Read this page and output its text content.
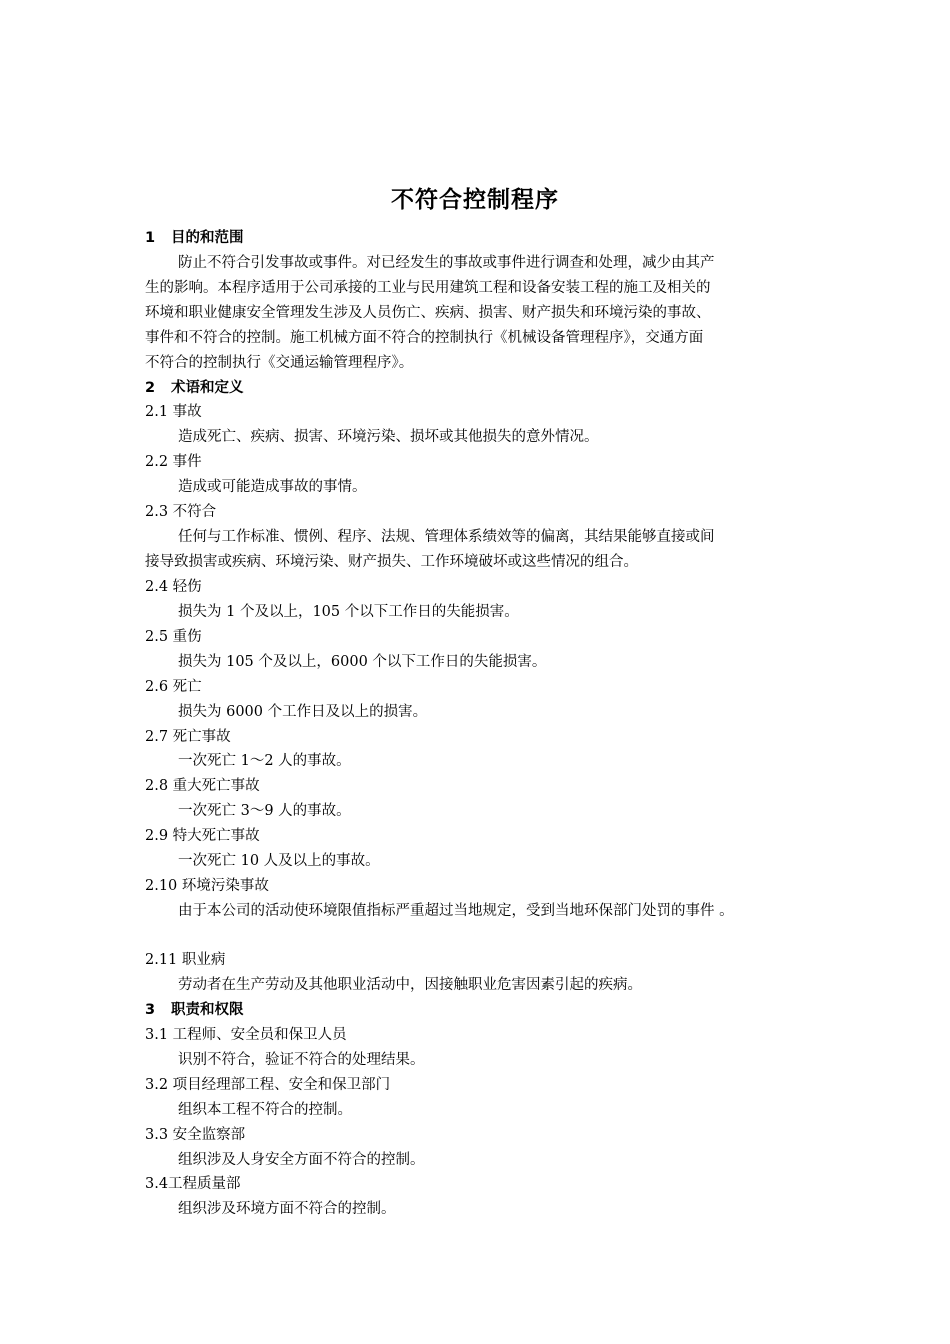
不符合控制程序
1 目的和范围
防止不符合引发事故或事件。对已经发生的事故或事件进行调查和处理，减少由其产
生的影响。本程序适用于公司承接的工业与民用建筑工程和设备安装工程的施工及相关的
环境和职业健康安全管理发生涉及人员伤亡、疾病、损害、财产损失和环境污染的事故、
事件和不符合的控制。施工机械方面不符合的控制执行《机械设备管理程序》，交通方面
不符合的控制执行《交通运输管理程序》。
2 术语和定义
2.1 事故
造成死亡、疾病、损害、环境污染、损坏或其他损失的意外情况。
2.2 事件
造成或可能造成事故的事情。
2.3 不符合
任何与工作标准、惯例、程序、法规、管理体系绩效等的偏离，其结果能够直接或间
接导致损害或疾病、环境污染、财产损失、工作环境破坏或这些情况的组合。
2.4 轻伤
损失为 1 个及以上，105 个以下工作日的失能损害。
2.5 重伤
损失为 105 个及以上，6000 个以下工作日的失能损害。
2.6 死亡
损失为 6000 个工作日及以上的损害。
2.7 死亡事故
一次死亡 1～2 人的事故。
2.8 重大死亡事故
一次死亡 3～9 人的事故。
2.9 特大死亡事故
一次死亡 10 人及以上的事故。
2.10 环境污染事故
由于本公司的活动使环境限值指标严重超过当地规定，受到当地环保部门处罚的事件 。
2.11 职业病
劳动者在生产劳动及其他职业活动中，因接触职业危害因素引起的疾病。
3 职责和权限
3.1 工程师、安全员和保卫人员
识别不符合，验证不符合的处理结果。
3.2 项目经理部工程、安全和保卫部门
组织本工程不符合的控制。
3.3 安全监察部
组织涉及人身安全方面不符合的控制。
3.4工程质量部
组织涉及环境方面不符合的控制。
